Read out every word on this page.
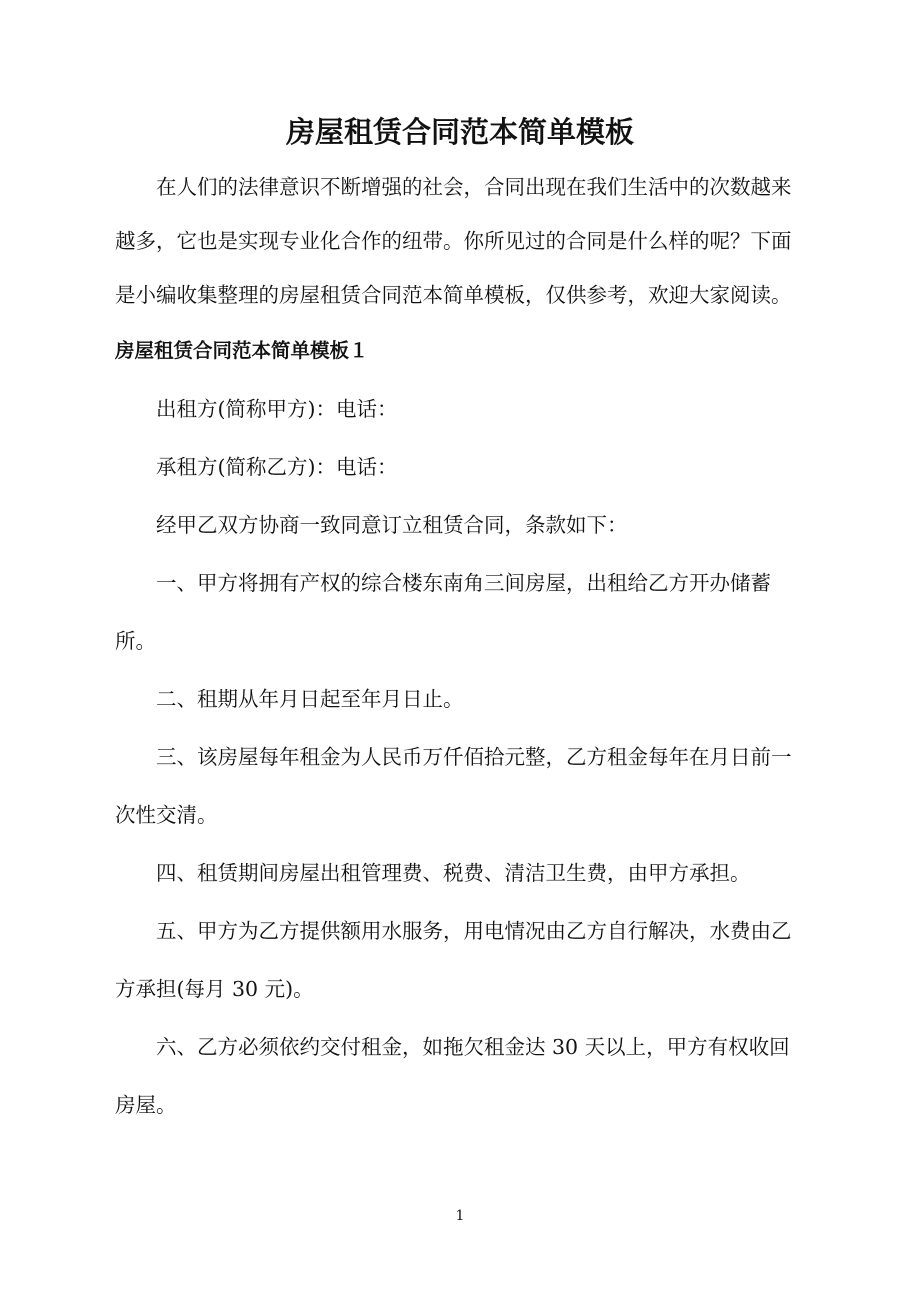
房屋租赁合同范本简单模板

在人们的法律意识不断增强的社会，合同出现在我们生活中的次数越来越多，它也是实现专业化合作的纽带。你所见过的合同是什么样的呢？下面是小编收集整理的房屋租赁合同范本简单模板，仅供参考，欢迎大家阅读。

房屋租赁合同范本简单模板１

出租方(简称甲方)：电话：

承租方(简称乙方)：电话：

经甲乙双方协商一致同意订立租赁合同，条款如下：

一、甲方将拥有产权的综合楼东南角三间房屋，出租给乙方开办储蓄所。

二、租期从年月日起至年月日止。

三、该房屋每年租金为人民币万仟佰拾元整，乙方租金每年在月日前一次性交清。

四、租赁期间房屋出租管理费、税费、清洁卫生费，由甲方承担。

五、甲方为乙方提供额用水服务，用电情况由乙方自行解决，水费由乙方承担(每月 30 元)。

六、乙方必须依约交付租金，如拖欠租金达 30 天以上，甲方有权收回房屋。

1
